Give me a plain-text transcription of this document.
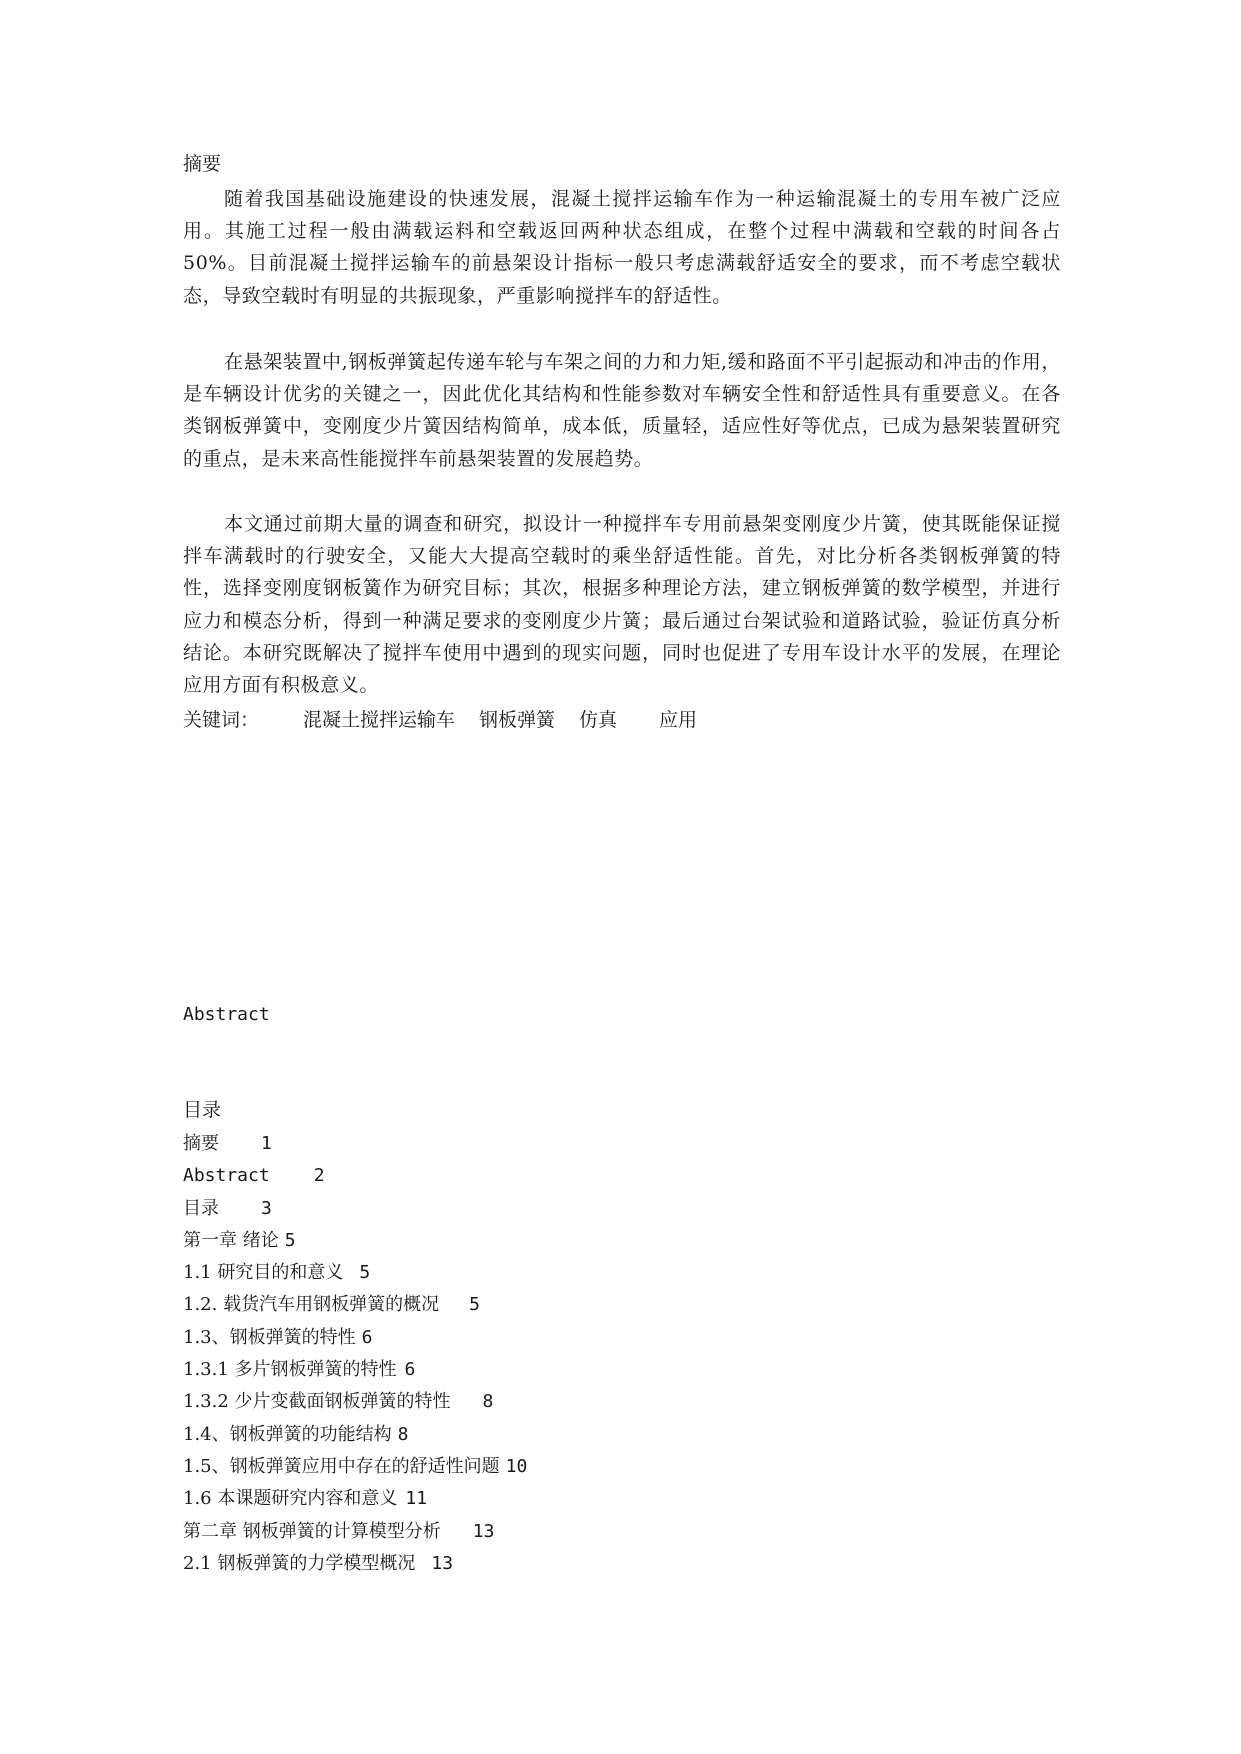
摘要

随着我国基础设施建设的快速发展，混凝土搅拌运输车作为一种运输混凝土的专用车被广泛应用。其施工过程一般由满载运料和空载返回两种状态组成，在整个过程中满载和空载的时间各占50%。目前混凝土搅拌运输车的前悬架设计指标一般只考虑满载舒适安全的要求，而不考虑空载状态，导致空载时有明显的共振现象，严重影响搅拌车的舒适性。

在悬架装置中,钢板弹簧起传递车轮与车架之间的力和力矩,缓和路面不平引起振动和冲击的作用，是车辆设计优劣的关键之一，因此优化其结构和性能参数对车辆安全性和舒适性具有重要意义。在各类钢板弹簧中，变刚度少片簧因结构简单，成本低，质量轻，适应性好等优点，已成为悬架装置研究的重点，是未来高性能搅拌车前悬架装置的发展趋势。

本文通过前期大量的调查和研究，拟设计一种搅拌车专用前悬架变刚度少片簧，使其既能保证搅拌车满载时的行驶安全，又能大大提高空载时的乘坐舒适性能。首先，对比分析各类钢板弹簧的特性，选择变刚度钢板簧作为研究目标；其次，根据多种理论方法，建立钢板弹簧的数学模型，并进行应力和模态分析，得到一种满足要求的变刚度少片簧；最后通过台架试验和道路试验，验证仿真分析结论。本研究既解决了搅拌车使用中遇到的现实问题，同时也促进了专用车设计水平的发展，在理论应用方面有积极意义。

关键词： 混凝土搅拌运输车 钢板弹簧 仿真 应用
Abstract
目录
摘要 1
Abstract 2
目录 3
第一章 绪论 5
1.1 研究目的和意义 5
1.2. 载货汽车用钢板弹簧的概况 5
1.3、钢板弹簧的特性 6
1.3.1 多片钢板弹簧的特性 6
1.3.2 少片变截面钢板弹簧的特性 8
1.4、钢板弹簧的功能结构 8
1.5、钢板弹簧应用中存在的舒适性问题 10
1.6 本课题研究内容和意义 11
第二章 钢板弹簧的计算模型分析 13
2.1 钢板弹簧的力学模型概况 13
